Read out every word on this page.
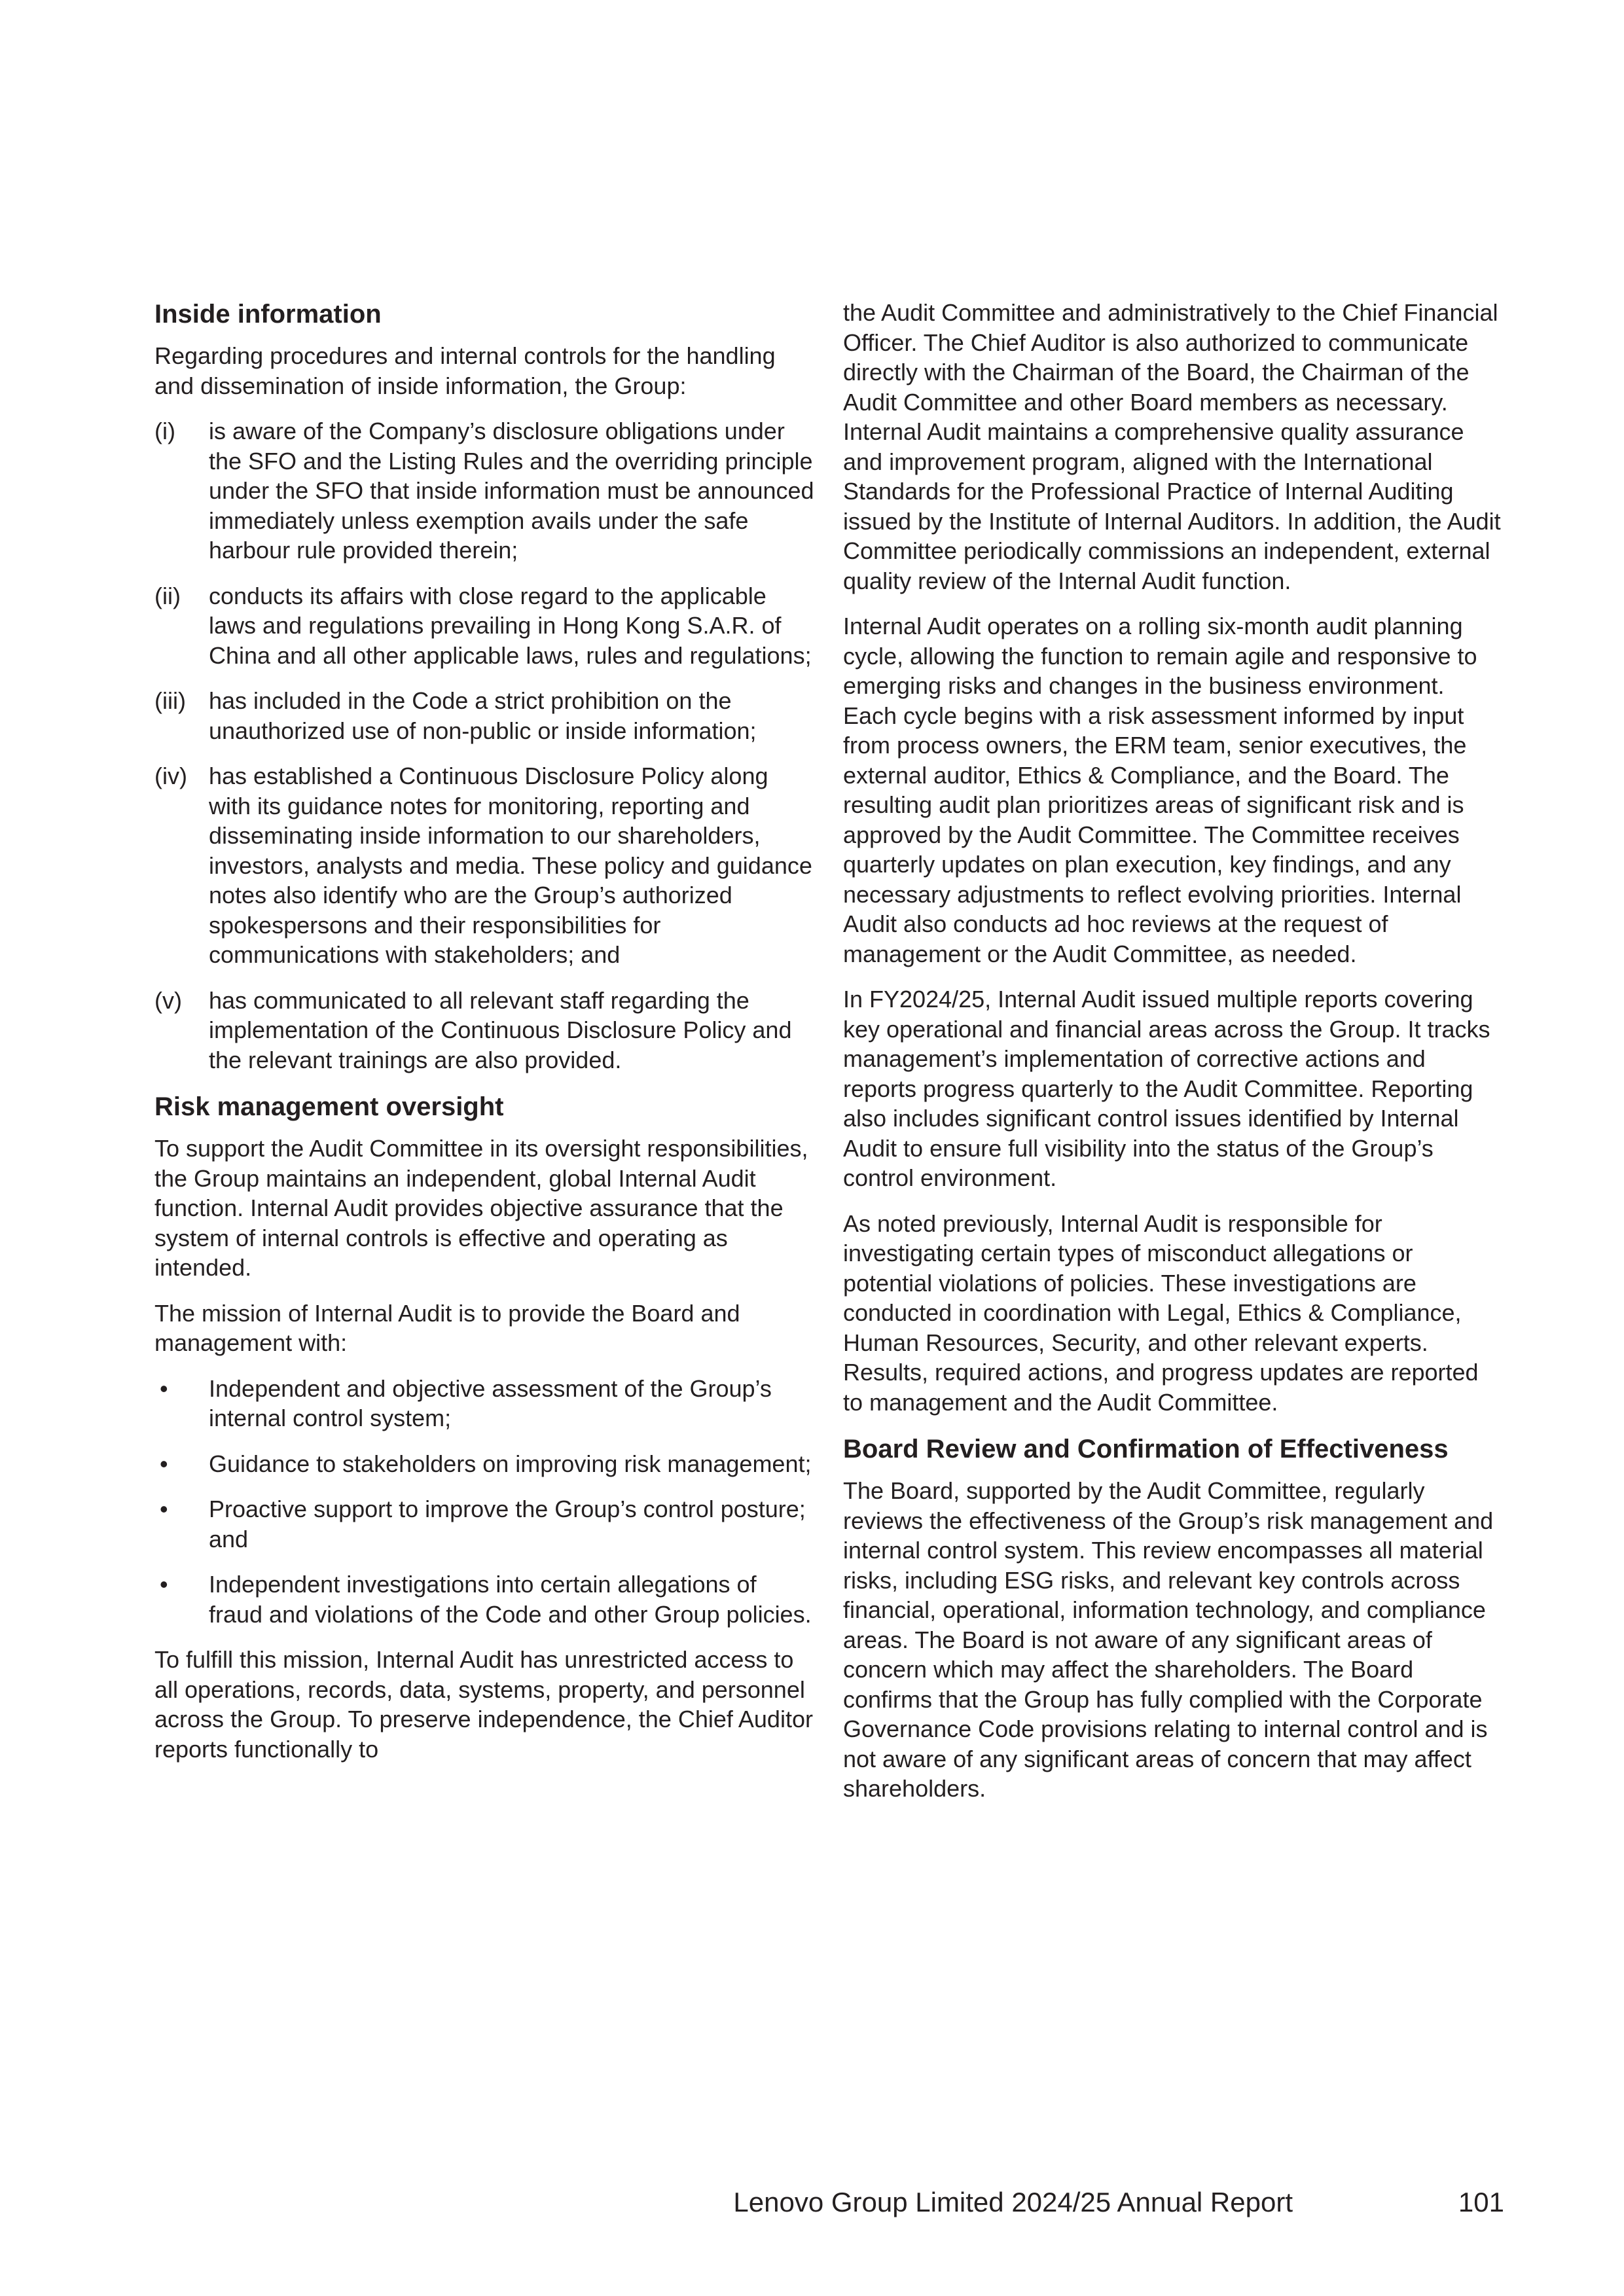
Inside information

Regarding procedures and internal controls for the handling and dissemination of inside information, the Group:

(i)	is aware of the Company’s disclosure obligations under the SFO and the Listing Rules and the overriding principle under the SFO that inside information must be announced immediately unless exemption avails under the safe harbour rule provided therein;
(ii)	conducts its affairs with close regard to the applicable laws and regulations prevailing in Hong Kong S.A.R. of China and all other applicable laws, rules and regulations;
(iii) has included in the Code a strict prohibition on the unauthorized use of non-public or inside information;
(iv) has established a Continuous Disclosure Policy along with its guidance notes for monitoring, reporting and disseminating inside information to our shareholders, investors, analysts and media. These policy and guidance notes also identify who are the Group’s authorized spokespersons and their responsibilities for communications with stakeholders; and
(v)	has communicated to all relevant staff regarding the implementation of the Continuous Disclosure Policy and the relevant trainings are also provided.
Risk management oversight

To support the Audit Committee in its oversight responsibilities, the Group maintains an independent, global Internal Audit function. Internal Audit provides objective assurance that the system of internal controls is effective and operating as intended.

The mission of Internal Audit is to provide the Board and management with:

•	Independent and objective assessment of the Group’s internal control system;
•	Guidance to stakeholders on improving risk management;
•	Proactive support to improve the Group’s control posture; and
•	Independent investigations into certain allegations of fraud and violations of the Code and other Group policies.

To fulfill this mission, Internal Audit has unrestricted access to all operations, records, data, systems, property, and personnel across the Group. To preserve independence, the Chief Auditor reports functionally to

the Audit Committee and administratively to the Chief Financial Officer. The Chief Auditor is also authorized to communicate directly with the Chairman of the Board, the Chairman of the Audit Committee and other Board members as necessary. Internal Audit maintains a comprehensive quality assurance and improvement program, aligned with the International Standards for the Professional Practice of Internal Auditing issued by the Institute of Internal Auditors. In addition, the Audit Committee periodically commissions an independent, external quality review of the Internal Audit function.

Internal Audit operates on a rolling six-month audit planning cycle, allowing the function to remain agile and responsive to emerging risks and changes in the business environment. Each cycle begins with a risk assessment informed by input from process owners, the ERM team, senior executives, the external auditor, Ethics & Compliance, and the Board. The resulting audit plan prioritizes areas of significant risk and is approved by the Audit Committee. The Committee receives quarterly updates on plan execution, key findings, and any necessary adjustments to reflect evolving priorities. Internal Audit also conducts ad hoc reviews at the request of management or the Audit Committee, as needed.

In FY2024/25, Internal Audit issued multiple reports covering key operational and financial areas across the Group. It tracks management’s implementation of corrective actions and reports progress quarterly to the Audit Committee. Reporting also includes significant control issues identified by Internal Audit to ensure full visibility into the status of the Group’s control environment.

As noted previously, Internal Audit is responsible for investigating certain types of misconduct allegations or potential violations of policies. These investigations are conducted in coordination with Legal, Ethics & Compliance, Human Resources, Security, and other relevant experts. Results, required actions, and progress updates are reported to management and the Audit Committee.

Board Review and Confirmation of Effectiveness

The Board, supported by the Audit Committee, regularly reviews the effectiveness of the Group’s risk management and internal control system. This review encompasses all material risks, including ESG risks, and relevant key controls across financial, operational, information technology, and compliance areas. The Board is not aware of any significant areas of concern which may affect the shareholders. The Board confirms that the Group has fully complied with the Corporate Governance Code provisions relating to internal control and is not aware of any significant areas of concern that may affect shareholders.

Lenovo Group Limited 2024/25 Annual Report	101
